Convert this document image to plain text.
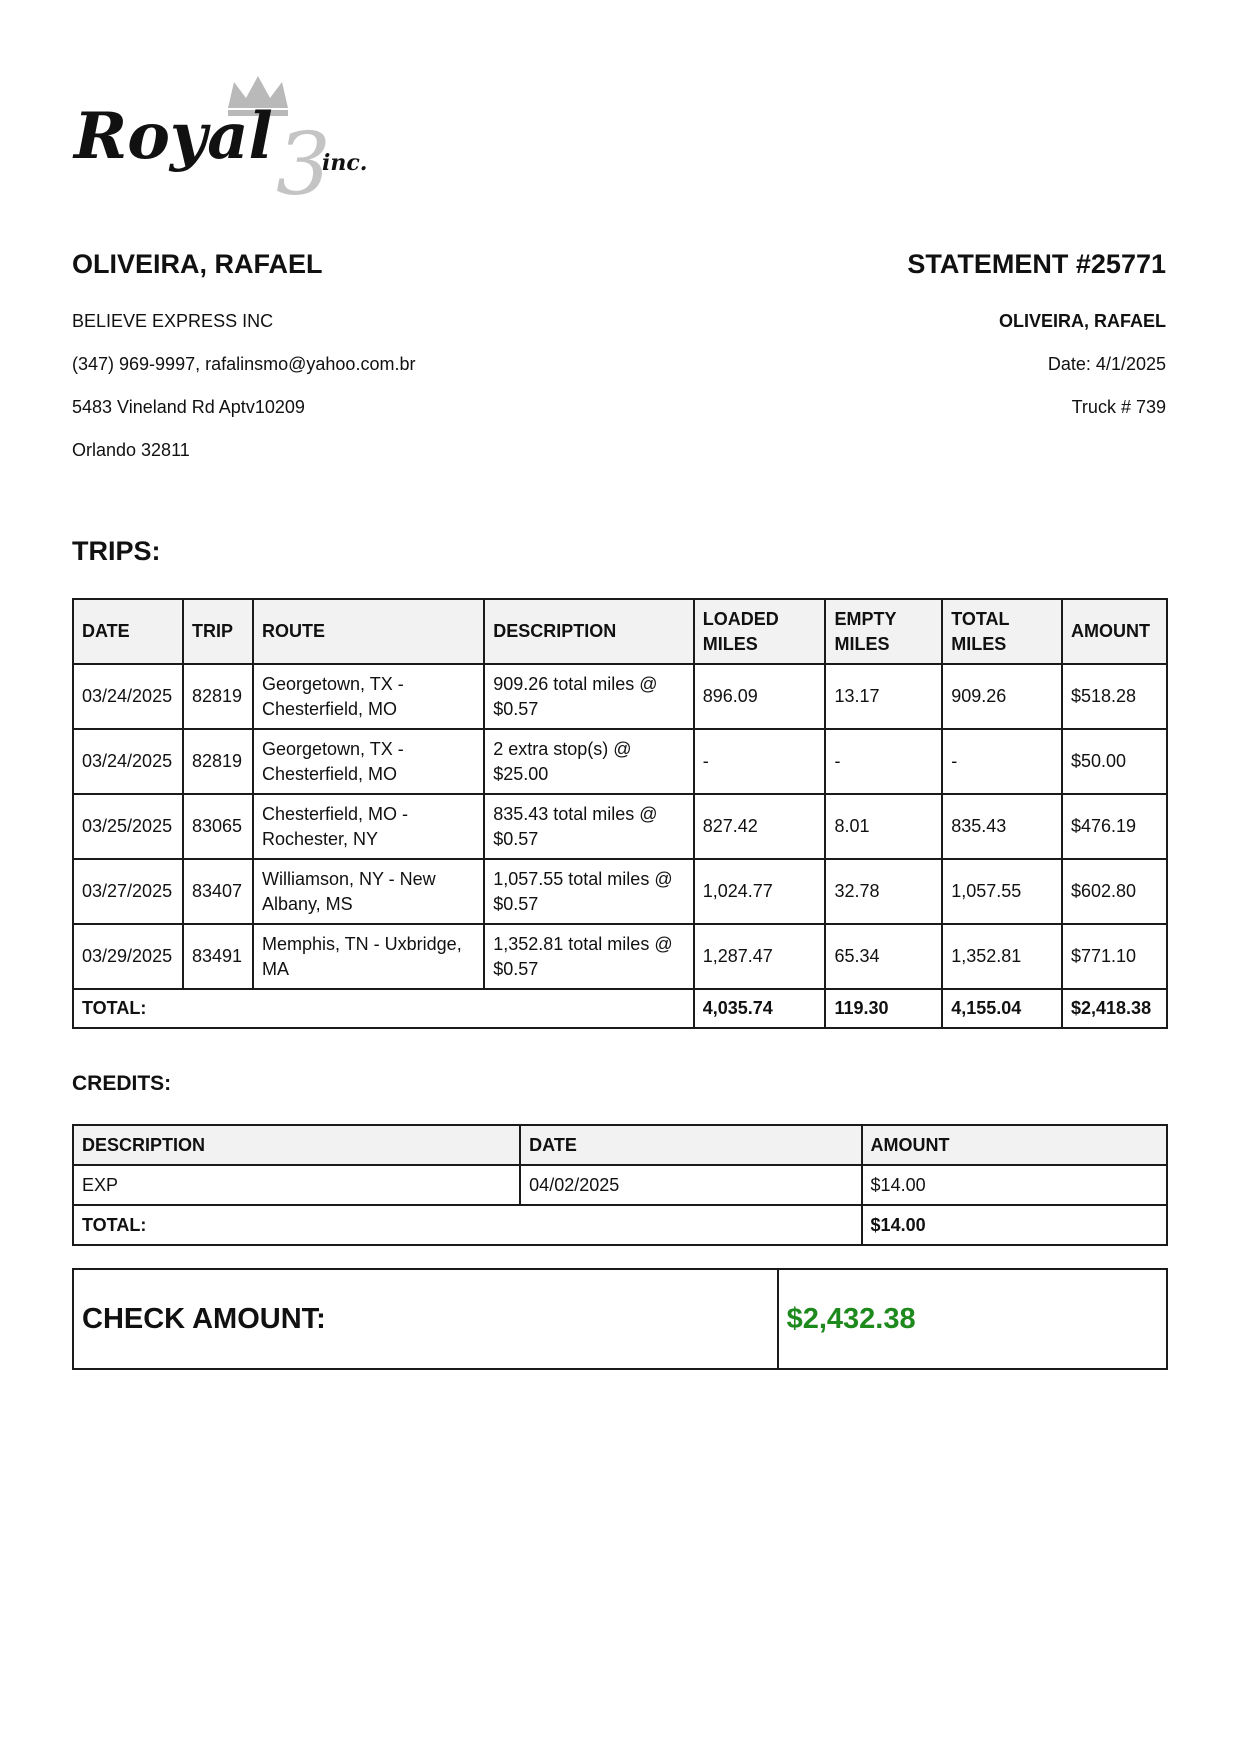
3
Royal inc.
OLIVEIRA, RAFAEL
BELIEVE EXPRESS INC
(347) 969-9997, rafalinsmo@yahoo.com.br
5483 Vineland Rd Aptv10209
Orlando 32811
STATEMENT #25771
OLIVEIRA, RAFAEL
Date: 4/1/2025
Truck # 739
TRIPS:
DATE	TRIP	ROUTE	DESCRIPTION	LOADED MILES	EMPTY MILES	TOTAL MILES	AMOUNT
03/24/2025	82819	Georgetown, TX - Chesterfield, MO	909.26 total miles @ $0.57	896.09	13.17	909.26	$518.28
03/24/2025	82819	Georgetown, TX - Chesterfield, MO	2 extra stop(s) @ $25.00	-	-	-	$50.00
03/25/2025	83065	Chesterfield, MO - Rochester, NY	835.43 total miles @ $0.57	827.42	8.01	835.43	$476.19
03/27/2025	83407	Williamson, NY - New Albany, MS	1,057.55 total miles @ $0.57	1,024.77	32.78	1,057.55	$602.80
03/29/2025	83491	Memphis, TN - Uxbridge, MA	1,352.81 total miles @ $0.57	1,287.47	65.34	1,352.81	$771.10
TOTAL:				4,035.74	119.30	4,155.04	$2,418.38
CREDITS:
DESCRIPTION	DATE	AMOUNT
EXP	04/02/2025	$14.00
TOTAL:		$14.00
CHECK AMOUNT:	$2,432.38
